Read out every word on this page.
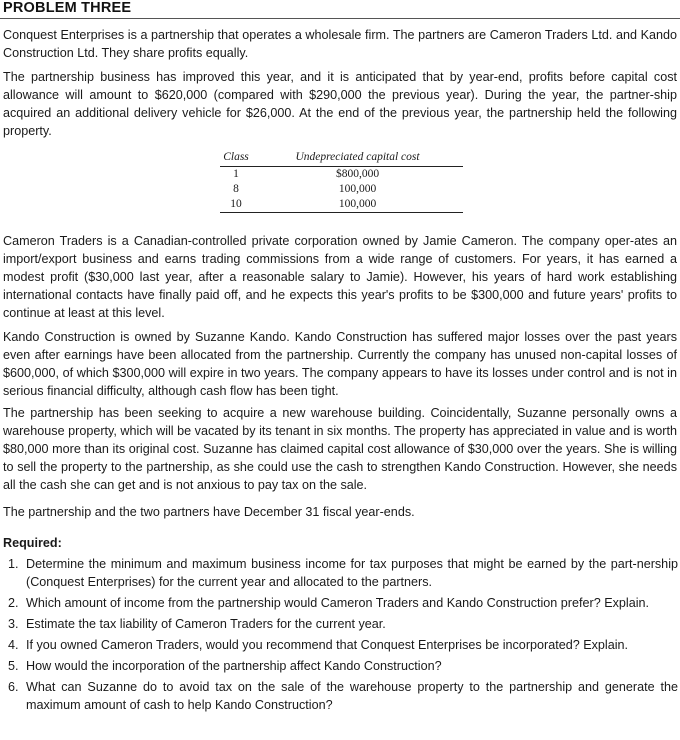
PROBLEM THREE

Conquest Enterprises is a partnership that operates a wholesale firm. The partners are Cameron Traders Ltd. and Kando Construction Ltd. They share profits equally.

The partnership business has improved this year, and it is anticipated that by year-end, profits before capital cost allowance will amount to $620,000 (compared with $290,000 the previous year). During the year, the partner-ship acquired an additional delivery vehicle for $26,000. At the end of the previous year, the partnership held the following property.

Class	Undepreciated capital cost
1	$800,000
8	100,000
10	100,000

Cameron Traders is a Canadian-controlled private corporation owned by Jamie Cameron. The company oper-ates an import/export business and earns trading commissions from a wide range of customers. For years, it has earned a modest profit ($30,000 last year, after a reasonable salary to Jamie). However, his years of hard work establishing international contacts have finally paid off, and he expects this year's profits to be $300,000 and future years' profits to continue at least at this level.

Kando Construction is owned by Suzanne Kando. Kando Construction has suffered major losses over the past years even after earnings have been allocated from the partnership. Currently the company has unused non-capital losses of $600,000, of which $300,000 will expire in two years. The company appears to have its losses under control and is not in serious financial difficulty, although cash flow has been tight.

The partnership has been seeking to acquire a new warehouse building. Coincidentally, Suzanne personally owns a warehouse property, which will be vacated by its tenant in six months. The property has appreciated in value and is worth $80,000 more than its original cost. Suzanne has claimed capital cost allowance of $30,000 over the years. She is willing to sell the property to the partnership, as she could use the cash to strengthen Kando Construction. However, she needs all the cash she can get and is not anxious to pay tax on the sale.

The partnership and the two partners have December 31 fiscal year-ends.

Required:
1. Determine the minimum and maximum business income for tax purposes that might be earned by the part-nership (Conquest Enterprises) for the current year and allocated to the partners.
2. Which amount of income from the partnership would Cameron Traders and Kando Construction prefer? Explain.
3. Estimate the tax liability of Cameron Traders for the current year.
4. If you owned Cameron Traders, would you recommend that Conquest Enterprises be incorporated? Explain.
5. How would the incorporation of the partnership affect Kando Construction?
6. What can Suzanne do to avoid tax on the sale of the warehouse property to the partnership and generate the maximum amount of cash to help Kando Construction?
